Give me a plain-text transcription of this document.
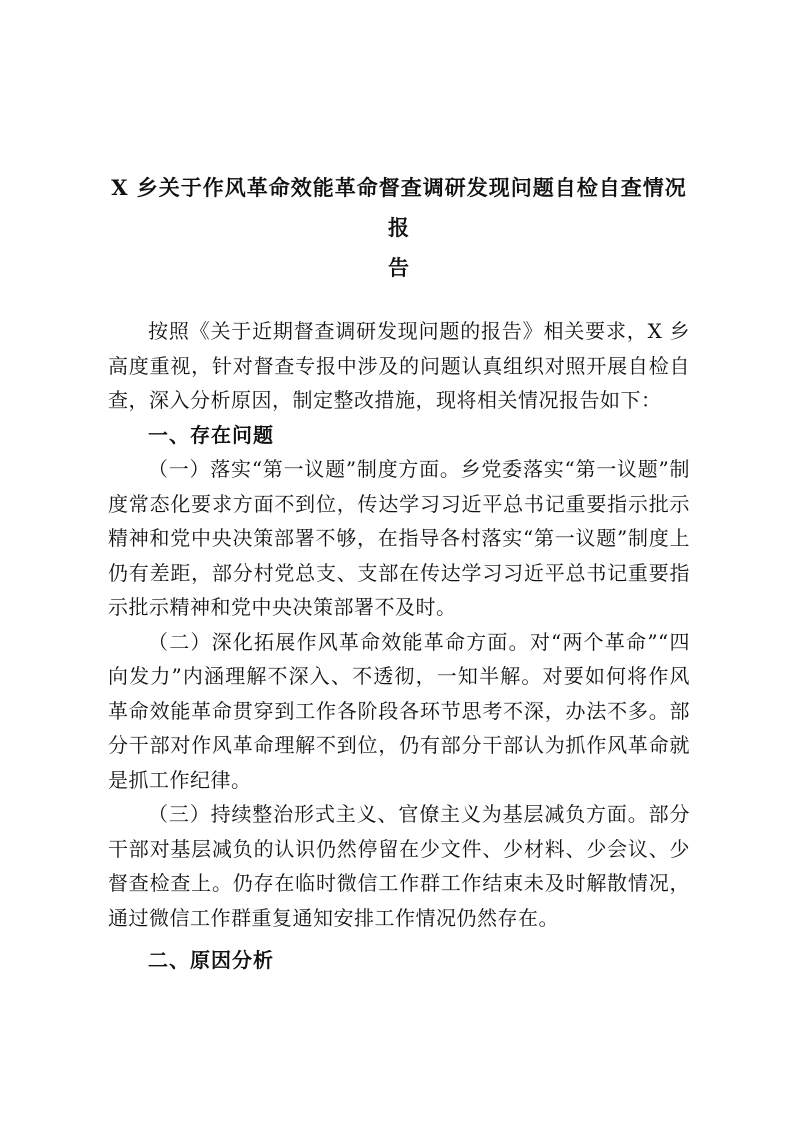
X 乡关于作风革命效能革命督查调研发现问题自检自查情况报
告

按照《关于近期督查调研发现问题的报告》相关要求，X 乡高度重视，针对督查专报中涉及的问题认真组织对照开展自检自查，深入分析原因，制定整改措施，现将相关情况报告如下：

一、存在问题

（一）落实“第一议题”制度方面。乡党委落实“第一议题”制度常态化要求方面不到位，传达学习习近平总书记重要指示批示精神和党中央决策部署不够，在指导各村落实“第一议题”制度上仍有差距，部分村党总支、支部在传达学习习近平总书记重要指示批示精神和党中央决策部署不及时。

（二）深化拓展作风革命效能革命方面。对“两个革命”“四向发力”内涵理解不深入、不透彻，一知半解。对要如何将作风革命效能革命贯穿到工作各阶段各环节思考不深，办法不多。部分干部对作风革命理解不到位，仍有部分干部认为抓作风革命就是抓工作纪律。

（三）持续整治形式主义、官僚主义为基层减负方面。部分干部对基层减负的认识仍然停留在少文件、少材料、少会议、少督查检查上。仍存在临时微信工作群工作结束未及时解散情况，通过微信工作群重复通知安排工作情况仍然存在。

二、原因分析
